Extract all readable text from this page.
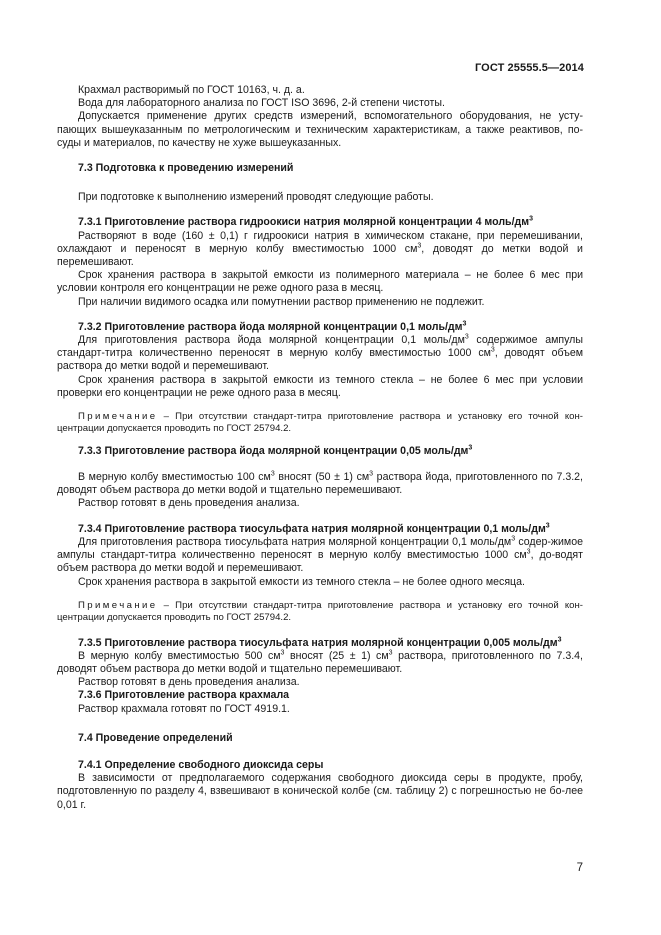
ГОСТ 25555.5—2014

Крахмал растворимый по ГОСТ 10163, ч. д. а.

Вода для лабораторного анализа по ГОСТ ISO 3696, 2-й степени чистоты.

Допускается применение других средств измерений, вспомогательного оборудования, не усту-пающих вышеуказанным по метрологическим и техническим характеристикам, а также реактивов, по-суды и материалов, по качеству не хуже вышеуказанных.

7.3 Подготовка к проведению измерений

При подготовке к выполнению измерений проводят следующие работы.

7.3.1 Приготовление раствора гидроокиси натрия молярной концентрации 4 моль/$дм^3$

Растворяют в воде (160 ± 0,1) г гидроокиси натрия в химическом стакане, при перемешивании, охлаждают и переносят в мерную колбу вместимостью 1000 $см^3$, доводят до метки водой и перемешивают.

Срок хранения раствора в закрытой емкости из полимерного материала – не более 6 мес при условии контроля его концентрации не реже одного раза в месяц.

При наличии видимого осадка или помутнении раствор применению не подлежит.

7.3.2 Приготовление раствора йода молярной концентрации 0,1 моль/$дм^3$

Для приготовления раствора йода молярной концентрации 0,1 моль/$дм^3$ содержимое ампулы стандарт-титра количественно переносят в мерную колбу вместимостью 1000 $см^3$, доводят объем раствора до метки водой и перемешивают.

Срок хранения раствора в закрытой емкости из темного стекла – не более 6 мес при условии проверки его концентрации не реже одного раза в месяц.

Примечание – При отсутствии стандарт-титра приготовление раствора и установку его точной кон-центрации допускается проводить по ГОСТ 25794.2.

7.3.3 Приготовление раствора йода молярной концентрации 0,05 моль/$дм^3$

В мерную колбу вместимостью 100 $см^3$ вносят (50 ± 1) $см^3$ раствора йода, приготовленного по 7.3.2, доводят объем раствора до метки водой и тщательно перемешивают.

Раствор готовят в день проведения анализа.

7.3.4 Приготовление раствора тиосульфата натрия молярной концентрации 0,1 моль/$дм^3$

Для приготовления раствора тиосульфата натрия молярной концентрации 0,1 моль/$дм^3$ содер-жимое ампулы стандарт-титра количественно переносят в мерную колбу вместимостью 1000 $см^3$, до-водят объем раствора до метки водой и перемешивают.

Срок хранения раствора в закрытой емкости из темного стекла – не более одного месяца.

Примечание – При отсутствии стандарт-титра приготовление раствора и установку его точной кон-центрации допускается проводить по ГОСТ 25794.2.

7.3.5 Приготовление раствора тиосульфата натрия молярной концентрации 0,005 моль/$дм^3$

В мерную колбу вместимостью 500 $см^3$ вносят (25 ± 1) $см^3$ раствора, приготовленного по 7.3.4, доводят объем раствора до метки водой и тщательно перемешивают.

Раствор готовят в день проведения анализа.

7.3.6 Приготовление раствора крахмала

Раствор крахмала готовят по ГОСТ 4919.1.

7.4 Проведение определений

7.4.1 Определение свободного диоксида серы

В зависимости от предполагаемого содержания свободного диоксида серы в продукте, пробу, подготовленную по разделу 4, взвешивают в конической колбе (см. таблицу 2) с погрешностью не бо-лее 0,01 г.

7
